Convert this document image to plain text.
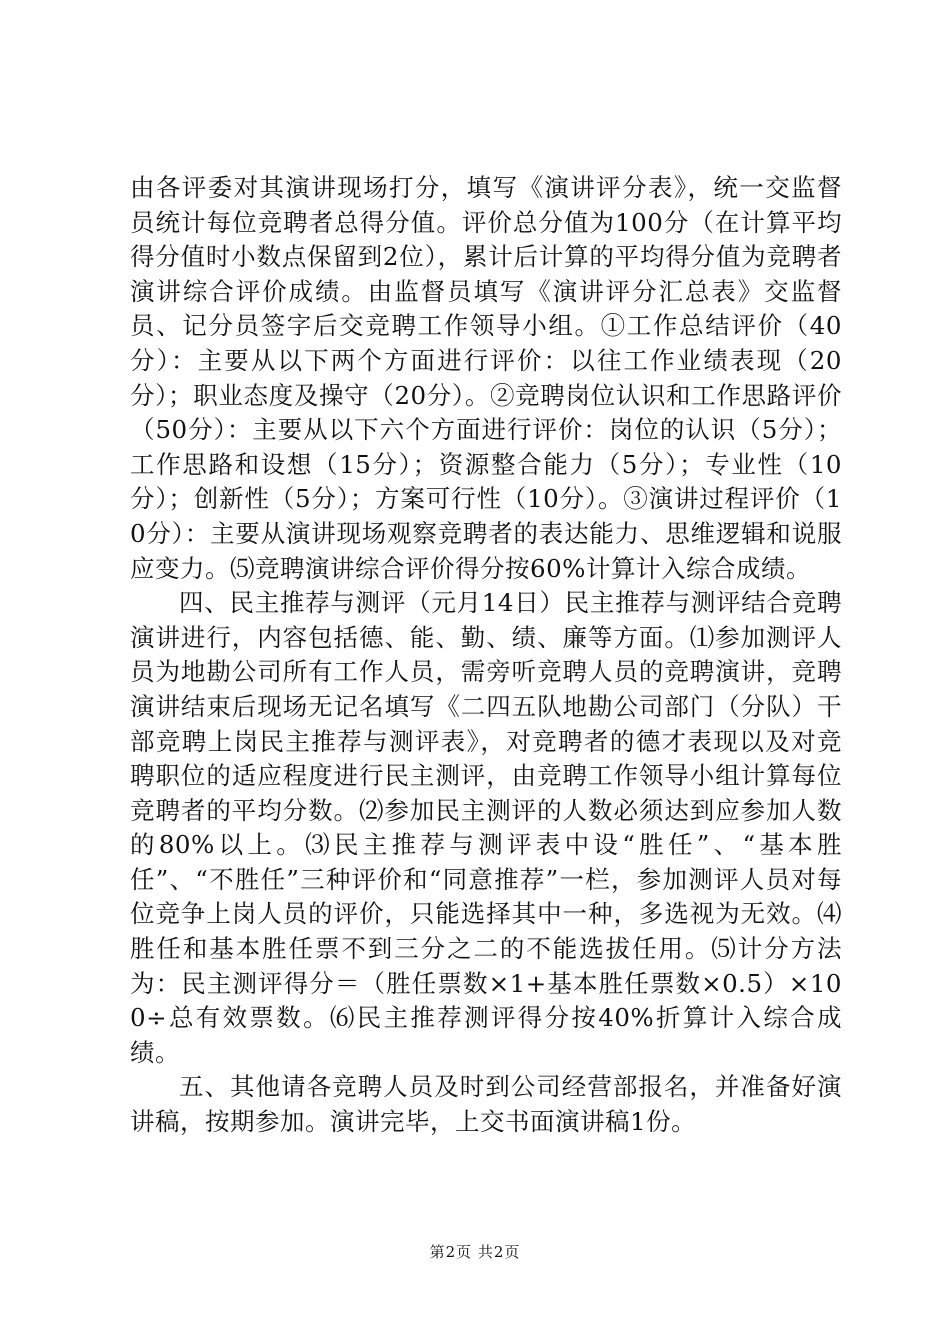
由各评委对其演讲现场打分，填写《演讲评分表》，统一交监督员统计每位竞聘者总得分值。评价总分值为100分（在计算平均得分值时小数点保留到2位），累计后计算的平均得分值为竞聘者演讲综合评价成绩。由监督员填写《演讲评分汇总表》交监督员、记分员签字后交竞聘工作领导小组。①工作总结评价（40分）：主要从以下两个方面进行评价：以往工作业绩表现（20分）；职业态度及操守（20分）。②竞聘岗位认识和工作思路评价（50分）：主要从以下六个方面进行评价：岗位的认识（5分）；工作思路和设想（15分）；资源整合能力（5分）；专业性（10分）；创新性（5分）；方案可行性（10分）。③演讲过程评价（10分）：主要从演讲现场观察竞聘者的表达能力、思维逻辑和说服应变力。⑸竞聘演讲综合评价得分按60%计算计入综合成绩。

四、民主推荐与测评（元月14日）民主推荐与测评结合竞聘演讲进行，内容包括德、能、勤、绩、廉等方面。⑴参加测评人员为地勘公司所有工作人员，需旁听竞聘人员的竞聘演讲，竞聘演讲结束后现场无记名填写《二四五队地勘公司部门（分队）干部竞聘上岗民主推荐与测评表》，对竞聘者的德才表现以及对竞聘职位的适应程度进行民主测评，由竞聘工作领导小组计算每位竞聘者的平均分数。⑵参加民主测评的人数必须达到应参加人数的80%以上。⑶民主推荐与测评表中设“胜任”、“基本胜任”、“不胜任”三种评价和“同意推荐”一栏，参加测评人员对每位竞争上岗人员的评价，只能选择其中一种，多选视为无效。⑷胜任和基本胜任票不到三分之二的不能选拔任用。⑸计分方法为：民主测评得分＝（胜任票数×1+基本胜任票数×0.5）×100÷总有效票数。⑹民主推荐测评得分按40%折算计入综合成绩。

五、其他请各竞聘人员及时到公司经营部报名，并准备好演讲稿，按期参加。演讲完毕，上交书面演讲稿1份。

第2页 共2页
